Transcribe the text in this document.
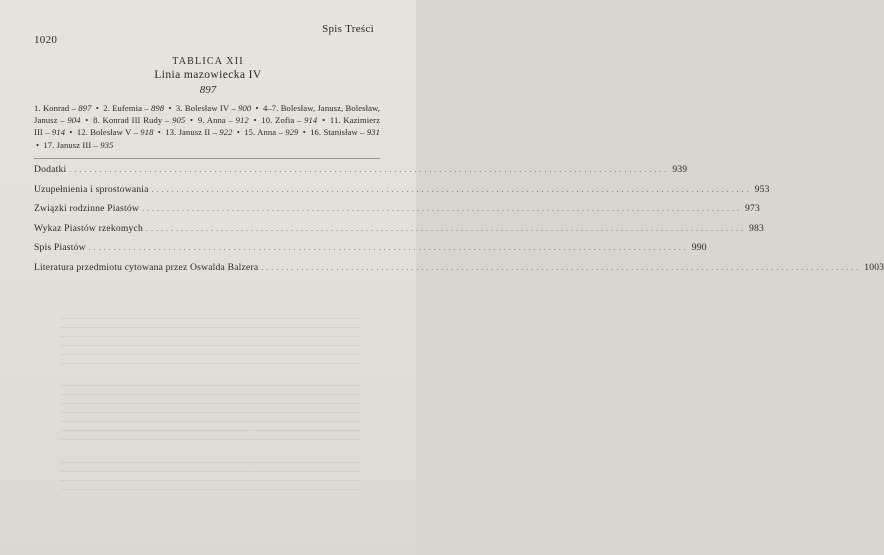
1020
Spis Treści
TABLICA XII
Linia mazowiecka IV
897
1. Konrad – 897 • 2. Eufemia – 898 • 3. Bolesław IV – 900 • 4–7. Bolesław, Janusz, Bolesław, Janusz – 904 • 8. Konrad III Rudy – 905 • 9. Anna – 912 • 10. Zofia – 914 • 11. Kazimierz III – 914 • 12. Bolesław V – 918 • 13. Janusz II – 922 • 15. Anna – 929 • 16. Stanisław – 931 • 17. Janusz III – 935
Dodatki ........................................................................................................................ 939
Uzupełnienia i sprostowania ........................................................................................................................ 953
Związki rodzinne Piastów ........................................................................................................................ 973
Wykaz Piastów rzekomych ........................................................................................................................ 983
Spis Piastów ........................................................................................................................ 990
Literatura przedmiotu cytowana przez Oswalda Balzera ........................................................................................................................ 1003
